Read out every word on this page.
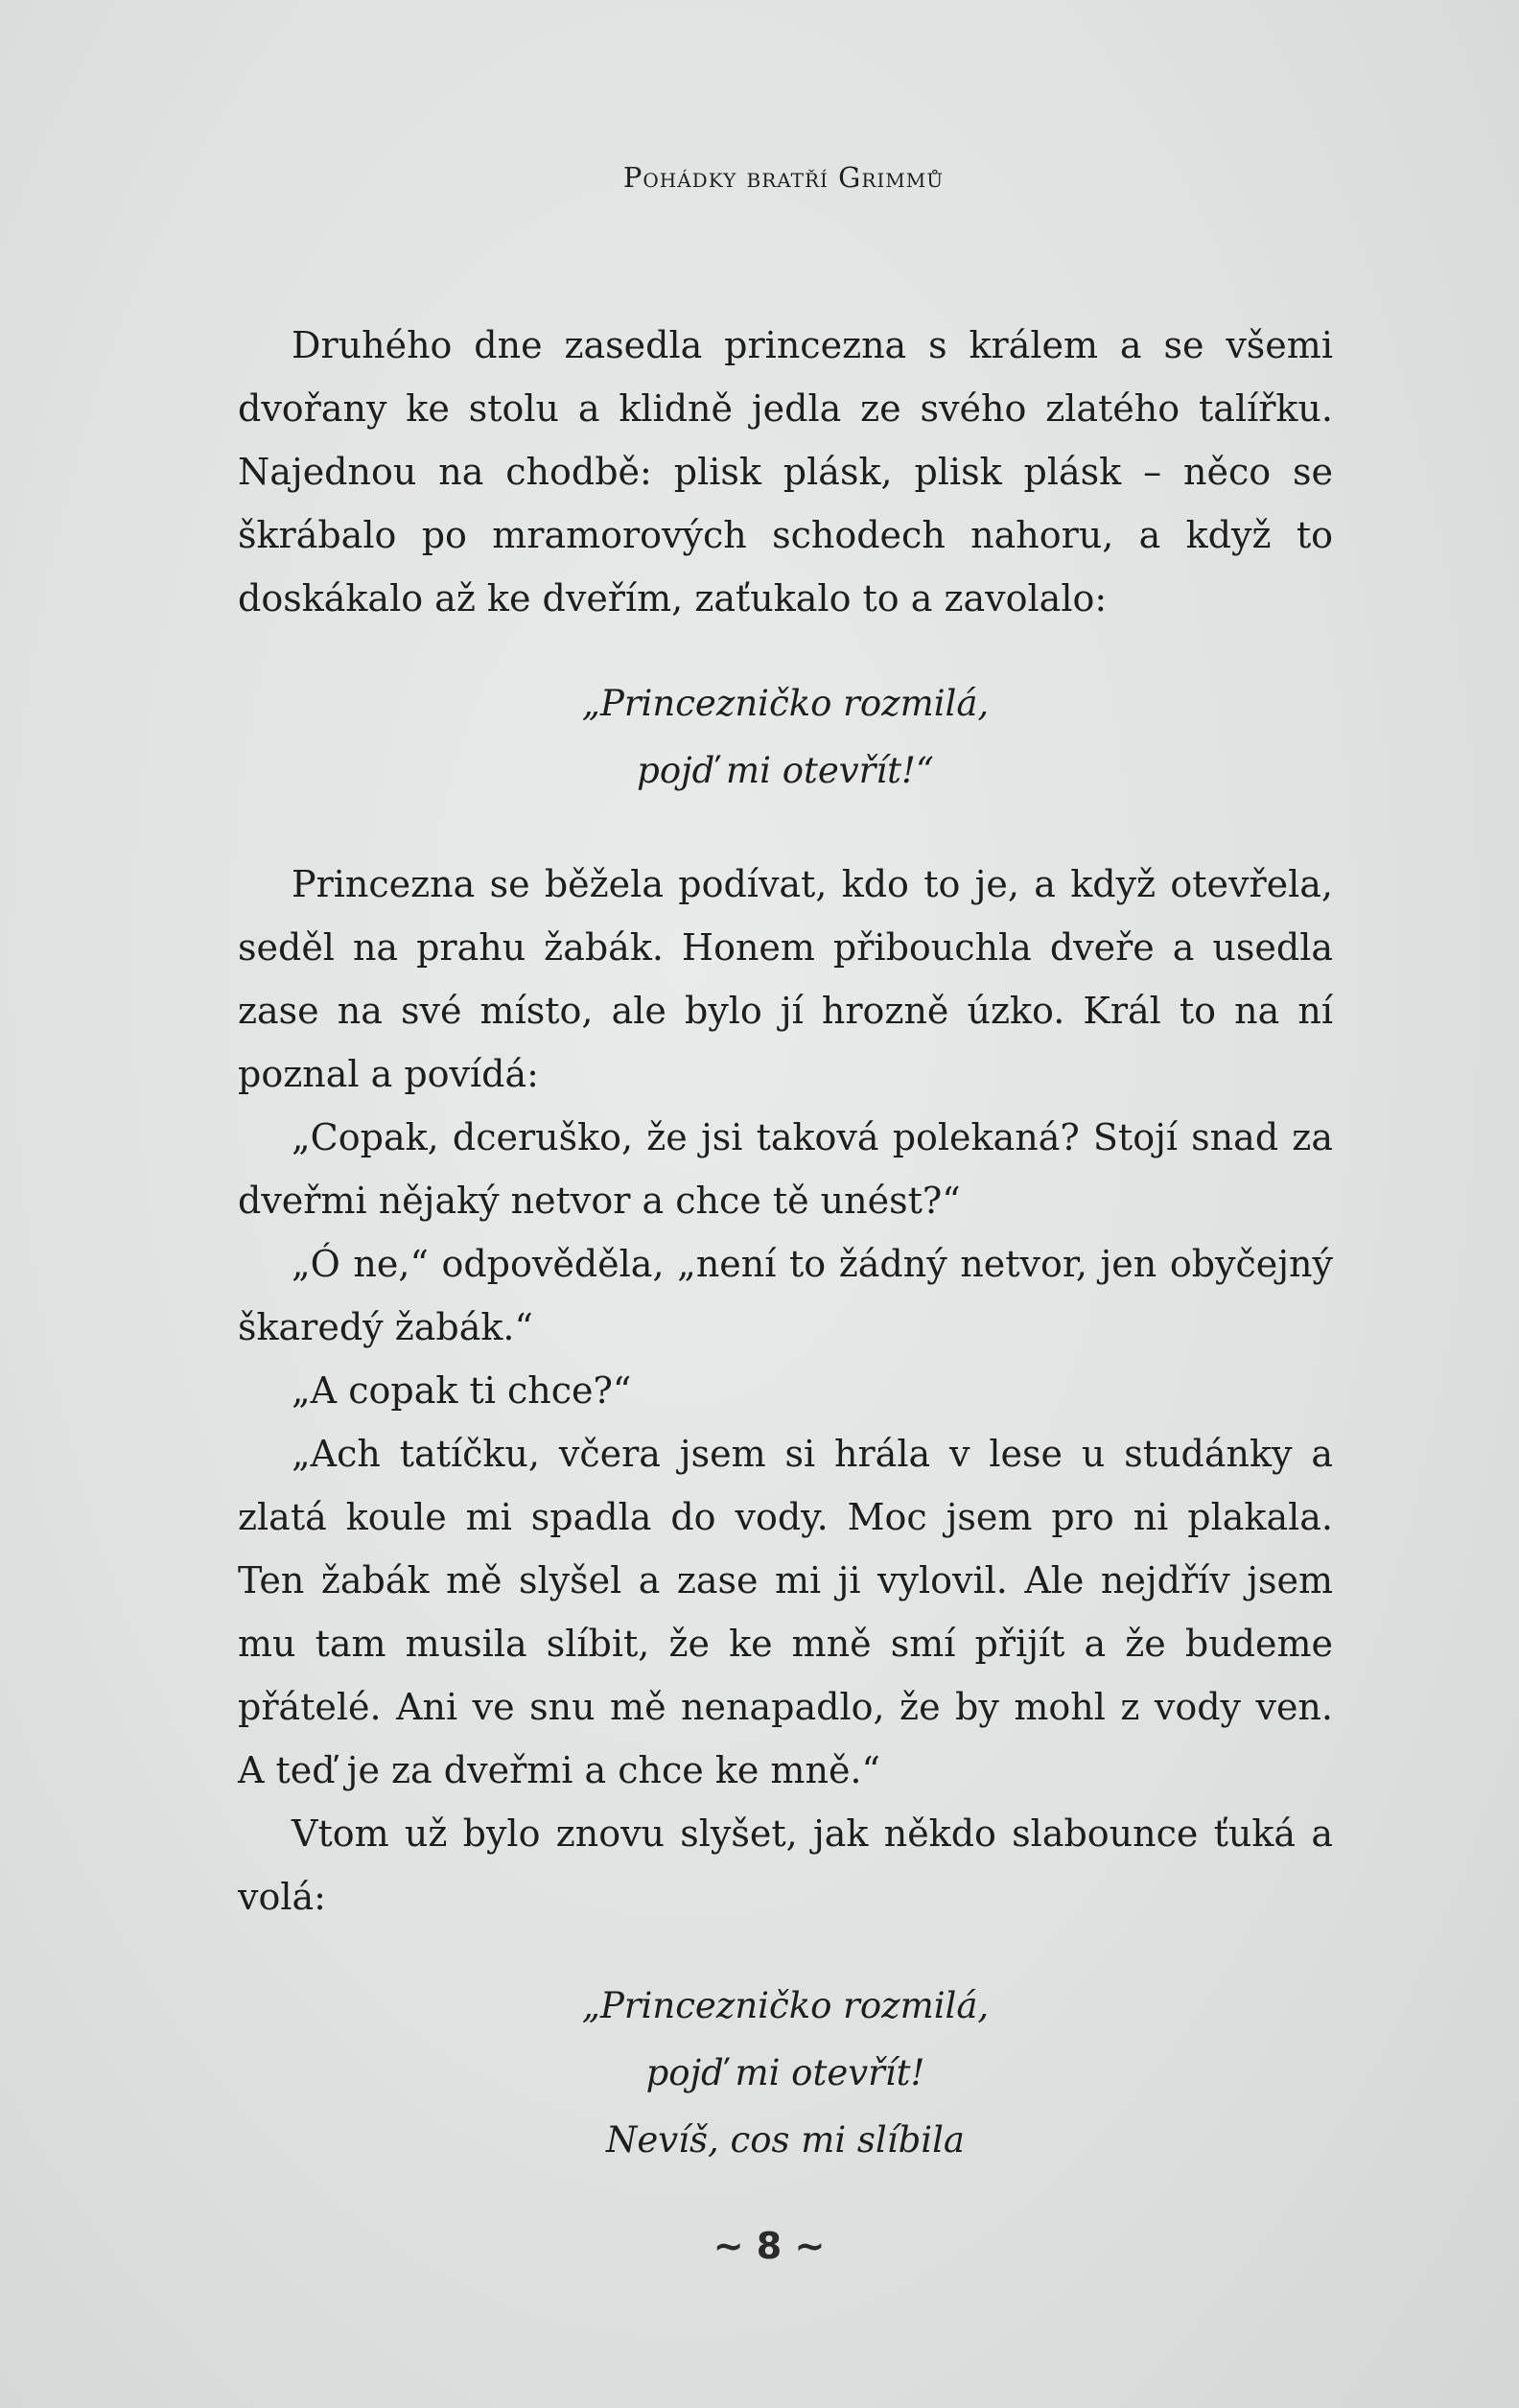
Pohádky bratří Grimmů

Druhého dne zasedla princezna s králem a se všemi dvořany ke stolu a klidně jedla ze svého zlatého talířku. Najednou na chodbě: plisk plásk, plisk plásk – něco se škrábalo po mramorových schodech nahoru, a když to doskákalo až ke dveřím, zaťukalo to a zavolalo:

„Princezničko rozmilá,
pojď mi otevřít!“

Princezna se běžela podívat, kdo to je, a když otevřela, seděl na prahu žabák. Honem přibouchla dveře a usedla zase na své místo, ale bylo jí hrozně úzko. Král to na ní poznal a povídá:

„Copak, dceruško, že jsi taková polekaná? Stojí snad za dveřmi nějaký netvor a chce tě unést?“

„Ó ne,“ odpověděla, „není to žádný netvor, jen obyčejný škaredý žabák.“

„A copak ti chce?“

„Ach tatíčku, včera jsem si hrála v lese u studánky a zlatá koule mi spadla do vody. Moc jsem pro ni plakala. Ten žabák mě slyšel a zase mi ji vylovil. Ale nejdřív jsem mu tam musila slíbit, že ke mně smí přijít a že budeme přátelé. Ani ve snu mě nenapadlo, že by mohl z vody ven. A teď je za dveřmi a chce ke mně.“

Vtom už bylo znovu slyšet, jak někdo slabounce ťuká a volá:

„Princezničko rozmilá,
pojď mi otevřít!
Nevíš, cos mi slíbila
~ 8 ~
